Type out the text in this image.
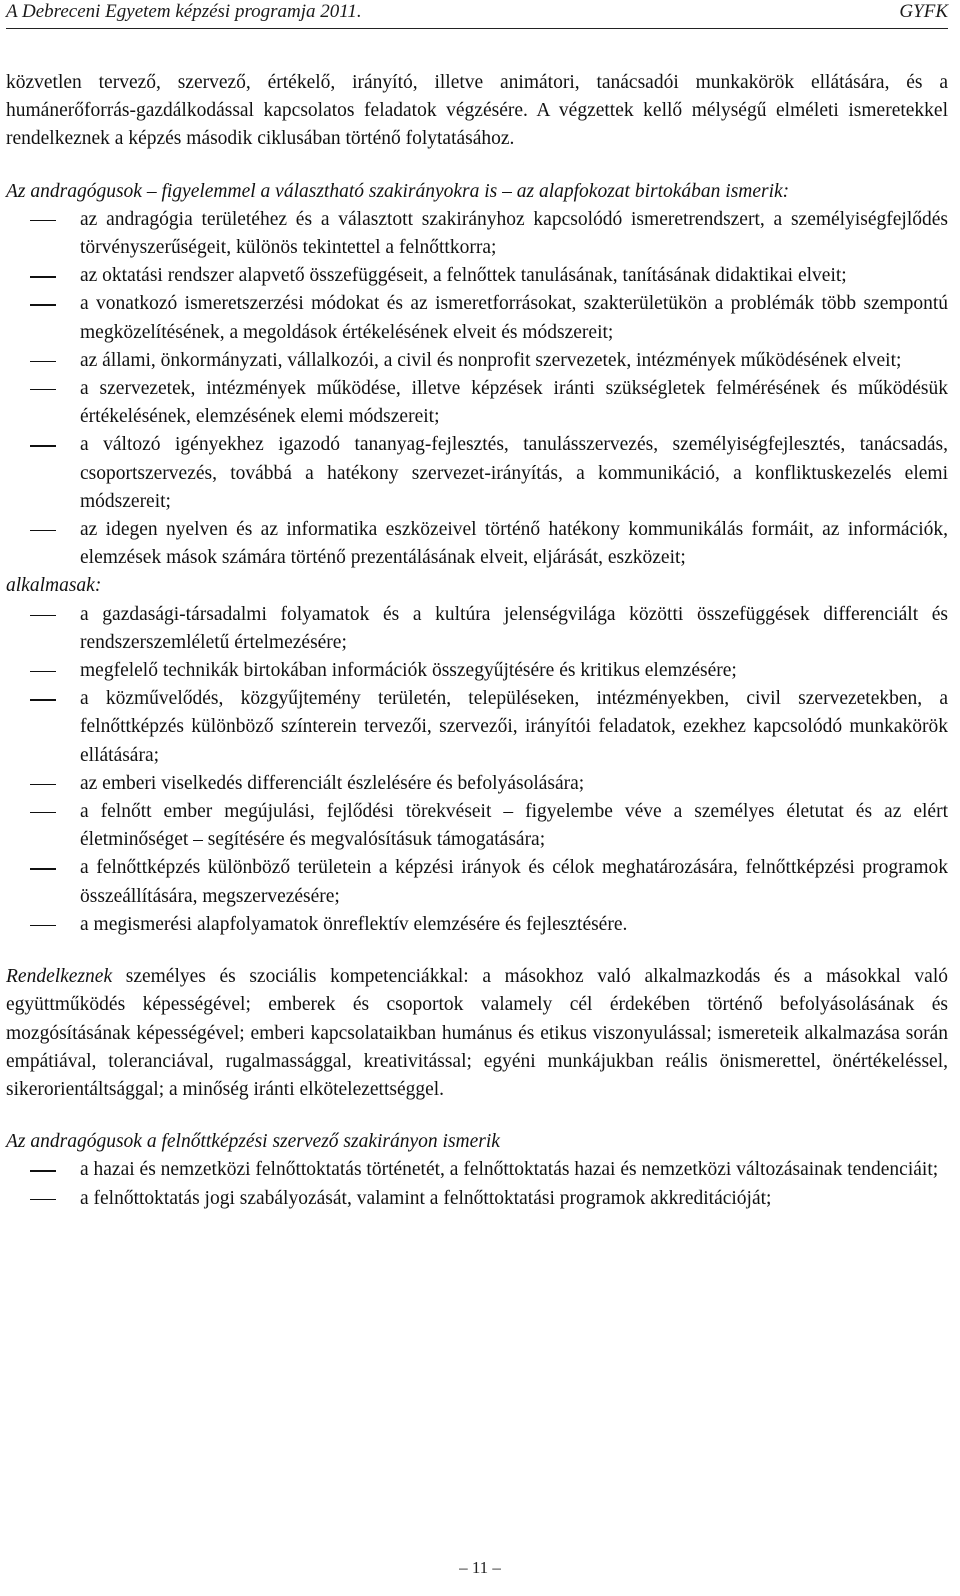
A Debreceni Egyetem képzési programja 2011.	GYFK

közvetlen tervező, szervező, értékelő, irányító, illetve animátori, tanácsadói munkakörök ellátására, és a humánerőforrás-gazdálkodással kapcsolatos feladatok végzésére. A végzettek kellő mélységű elméleti ismeretekkel rendelkeznek a képzés második ciklusában történő folytatásához.

Az andragógusok – figyelemmel a választható szakirányokra is – az alapfokozat birtokában ismerik:

az andragógia területéhez és a választott szakirányhoz kapcsolódó ismeretrendszert, a személyiségfejlődés törvényszerűségeit, különös tekintettel a felnőttkorra;
az oktatási rendszer alapvető összefüggéseit, a felnőttek tanulásának, tanításának didaktikai elveit;
a vonatkozó ismeretszerzési módokat és az ismeretforrásokat, szakterületükön a problémák több szempontú megközelítésének, a megoldások értékelésének elveit és módszereit;
az állami, önkormányzati, vállalkozói, a civil és nonprofit szervezetek, intézmények működésének elveit;
a szervezetek, intézmények működése, illetve képzések iránti szükségletek felmérésének és működésük értékelésének, elemzésének elemi módszereit;
a változó igényekhez igazodó tananyag-fejlesztés, tanulásszervezés, személyiségfejlesztés, tanácsadás, csoportszervezés, továbbá a hatékony szervezet-irányítás, a kommunikáció, a konfliktuskezelés elemi módszereit;
az idegen nyelven és az informatika eszközeivel történő hatékony kommunikálás formáit, az információk, elemzések mások számára történő prezentálásának elveit, eljárását, eszközeit;

alkalmasak:

a gazdasági-társadalmi folyamatok és a kultúra jelenségvilága közötti összefüggések differenciált és rendszerszemléletű értelmezésére;
megfelelő technikák birtokában információk összegyűjtésére és kritikus elemzésére;
a közművelődés, közgyűjtemény területén, településeken, intézményekben, civil szervezetekben, a felnőttképzés különböző színterein tervezői, szervezői, irányítói feladatok, ezekhez kapcsolódó munkakörök ellátására;
az emberi viselkedés differenciált észlelésére és befolyásolására;
a felnőtt ember megújulási, fejlődési törekvéseit – figyelembe véve a személyes életutat és az elért életminőséget – segítésére és megvalósításuk támogatására;
a felnőttképzés különböző területein a képzési irányok és célok meghatározására, felnőttképzési programok összeállítására, megszervezésére;
a megismerési alapfolyamatok önreflektív elemzésére és fejlesztésére.

Rendelkeznek személyes és szociális kompetenciákkal: a másokhoz való alkalmazkodás és a másokkal való együttműködés képességével; emberek és csoportok valamely cél érdekében történő befolyásolásának és mozgósításának képességével; emberi kapcsolataikban humánus és etikus viszonyulással; ismereteik alkalmazása során empátiával, toleranciával, rugalmassággal, kreativitással; egyéni munkájukban reális önismerettel, önértékeléssel, sikerorientáltsággal; a minőség iránti elkötelezettséggel.

Az andragógusok a felnőttképzési szervező szakirányon ismerik

a hazai és nemzetközi felnőttoktatás történetét, a felnőttoktatás hazai és nemzetközi változásainak tendenciáit;
a felnőttoktatás jogi szabályozását, valamint a felnőttoktatási programok akkreditációját;
– 11 –
